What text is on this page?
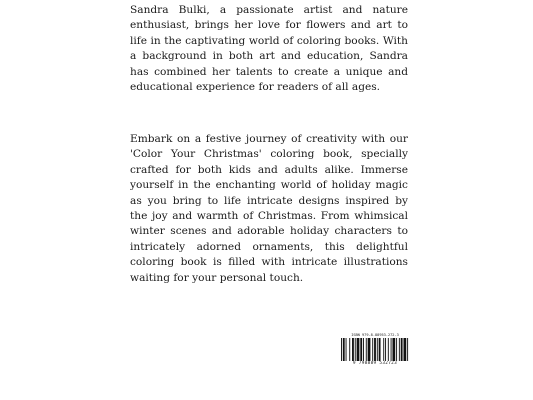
Sandra Bulki, a passionate artist and nature enthusiast, brings her love for flowers and art to life in the captivating world of coloring books. With a background in both art and education, Sandra has combined her talents to create a unique and educational experience for readers of all ages.

Embark on a festive journey of creativity with our 'Color Your Christmas' coloring book, specially crafted for both kids and adults alike. Immerse yourself in the enchanting world of holiday magic as you bring to life intricate designs inspired by the joy and warmth of Christmas. From whimsical winter scenes and adorable holiday characters to intricately adorned ornaments, this delightful coloring book is filled with intricate illustrations waiting for your personal touch.

ISBN 979-8-88953-272-3
9 798889 532723
